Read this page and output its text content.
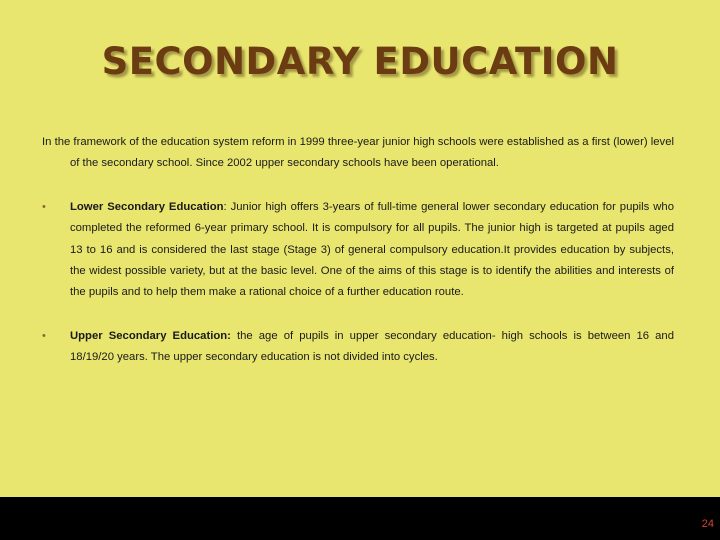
SECONDARY EDUCATION

In the framework of the education system reform in 1999 three-year junior high schools were established as a first (lower) level of the secondary school. Since 2002 upper secondary schools have been operational.

• Lower Secondary Education: Junior high offers 3-years of full-time general lower secondary education for pupils who completed the reformed 6-year primary school. It is compulsory for all pupils. The junior high is targeted at pupils aged 13 to 16 and is considered the last stage (Stage 3) of general compulsory education.It provides education by subjects, the widest possible variety, but at the basic level. One of the aims of this stage is to identify the abilities and interests of the pupils and to help them make a rational choice of a further education route.
• Upper Secondary Education: the age of pupils in upper secondary education- high schools is between 16 and 18/19/20 years. The upper secondary education is not divided into cycles.
24
